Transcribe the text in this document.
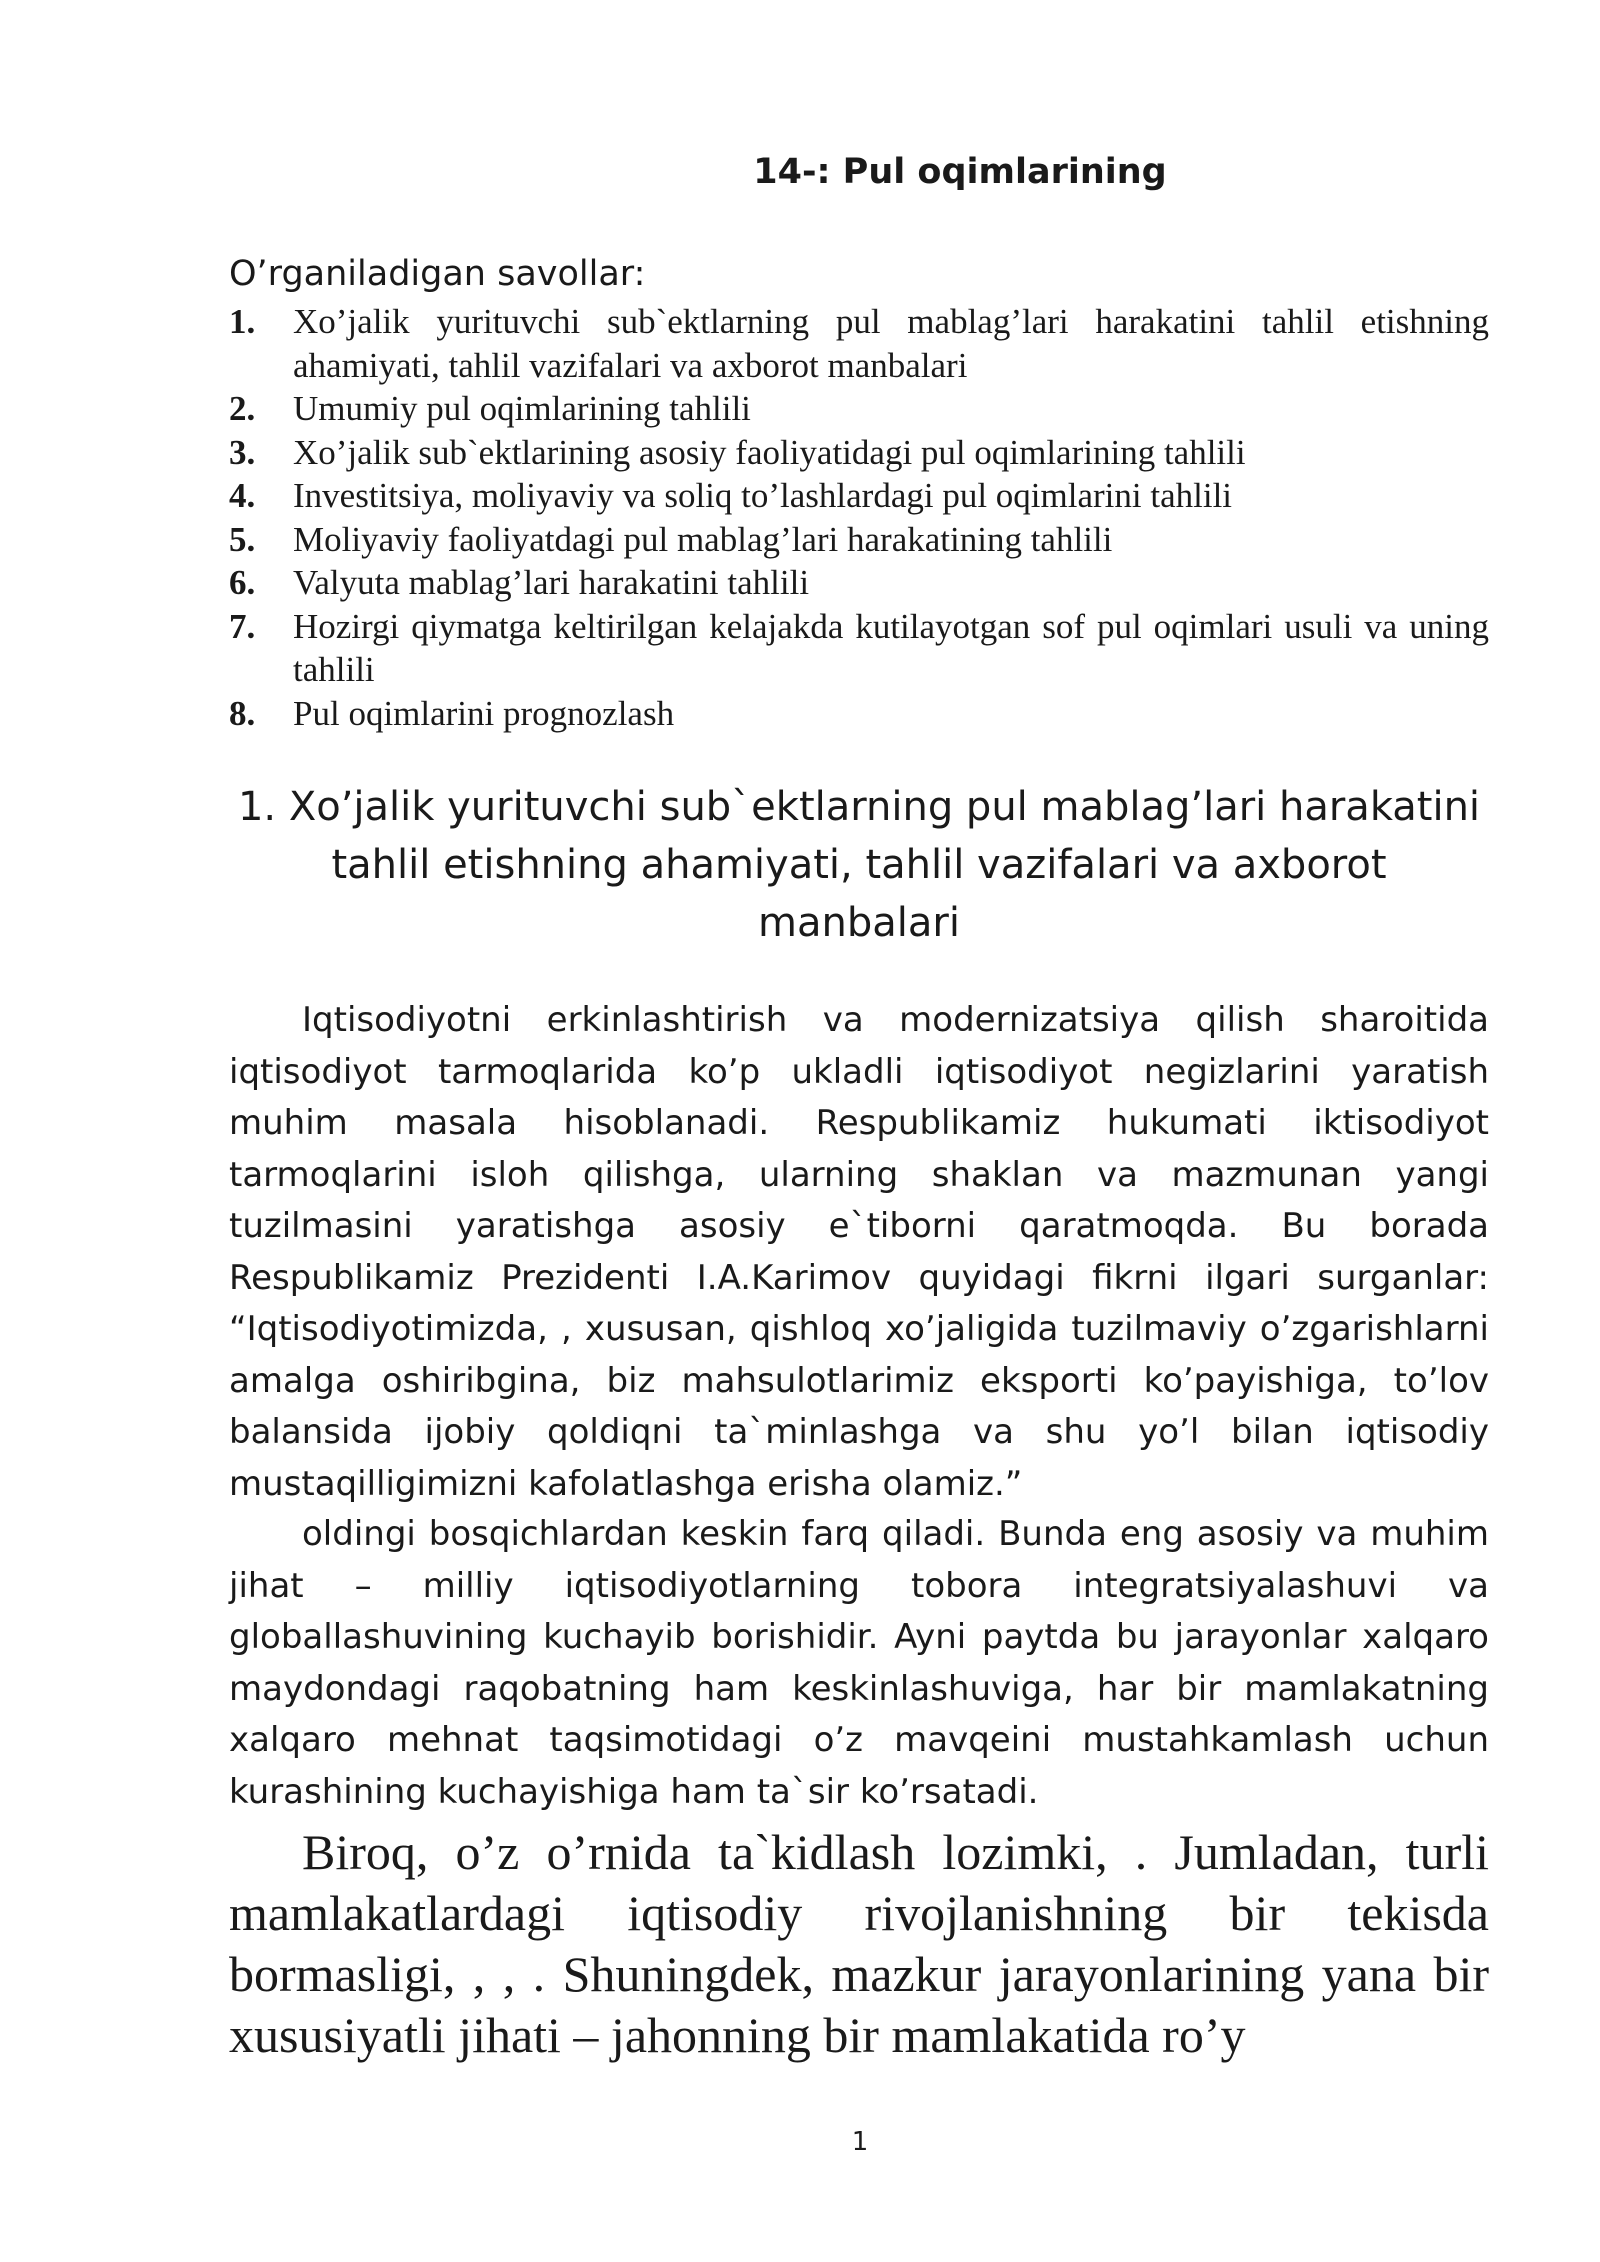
14-: Pul oqimlarining

O’rganiladigan savollar:

1.	Xo’jalik yurituvchi sub`ektlarning pul mablag’lari harakatini tahlil etishning ahamiyati, tahlil vazifalari va axborot manbalari
2.	Umumiy pul oqimlarining tahlili
3.	Xo’jalik sub`ektlarining asosiy faoliyatidagi pul oqimlarining tahlili
4.	Investitsiya, moliyaviy va soliq to’lashlardagi pul oqimlarini tahlili
5.	Moliyaviy faoliyatdagi pul mablag’lari harakatining tahlili
6.	Valyuta mablag’lari harakatini tahlili
7.	Hozirgi qiymatga keltirilgan kelajakda kutilayotgan sof pul oqimlari usuli va uning tahlili
8.	Pul oqimlarini prognozlash
1. Xo’jalik yurituvchi sub`ektlarning pul mablag’lari harakatini tahlil etishning ahamiyati, tahlil vazifalari va axborot manbalari

Iqtisodiyotni erkinlashtirish va modernizatsiya qilish sharoitida iqtisodiyot tarmoqlarida ko’p ukladli iqtisodiyot negizlarini yaratish muhim masala hisoblanadi. Respublikamiz hukumati iktisodiyot tarmoqlarini isloh qilishga, ularning shaklan va mazmunan yangi tuzilmasini yaratishga asosiy e`tiborni qaratmoqda. Bu borada Respublikamiz Prezidenti I.A.Karimov quyidagi fikrni ilgari surganlar: “Iqtisodiyotimizda, , xususan, qishloq xo’jaligida tuzilmaviy o’zgarishlarni amalga oshiribgina, biz mahsulotlarimiz eksporti ko’payishiga, to’lov balansida ijobiy qoldiqni ta`minlashga va shu yo’l bilan iqtisodiy mustaqilligimizni kafolatlashga erisha olamiz.”

oldingi bosqichlardan keskin farq qiladi. Bunda eng asosiy va muhim jihat – milliy iqtisodiyotlarning tobora integratsiyalashuvi va globallashuvining kuchayib borishidir. Ayni paytda bu jarayonlar xalqaro maydondagi raqobatning ham keskinlashuviga, har bir mamlakatning xalqaro mehnat taqsimotidagi o’z mavqeini mustahkamlash uchun kurashining kuchayishiga ham ta`sir ko’rsatadi.

Biroq, o’z o’rnida ta`kidlash lozimki, . Jumladan, turli mamlakatlardagi iqtisodiy rivojlanishning bir tekisda bormasligi, , , . Shuningdek, mazkur jarayonlarining yana bir xususiyatli jihati – jahonning bir mamlakatida ro’y

1
